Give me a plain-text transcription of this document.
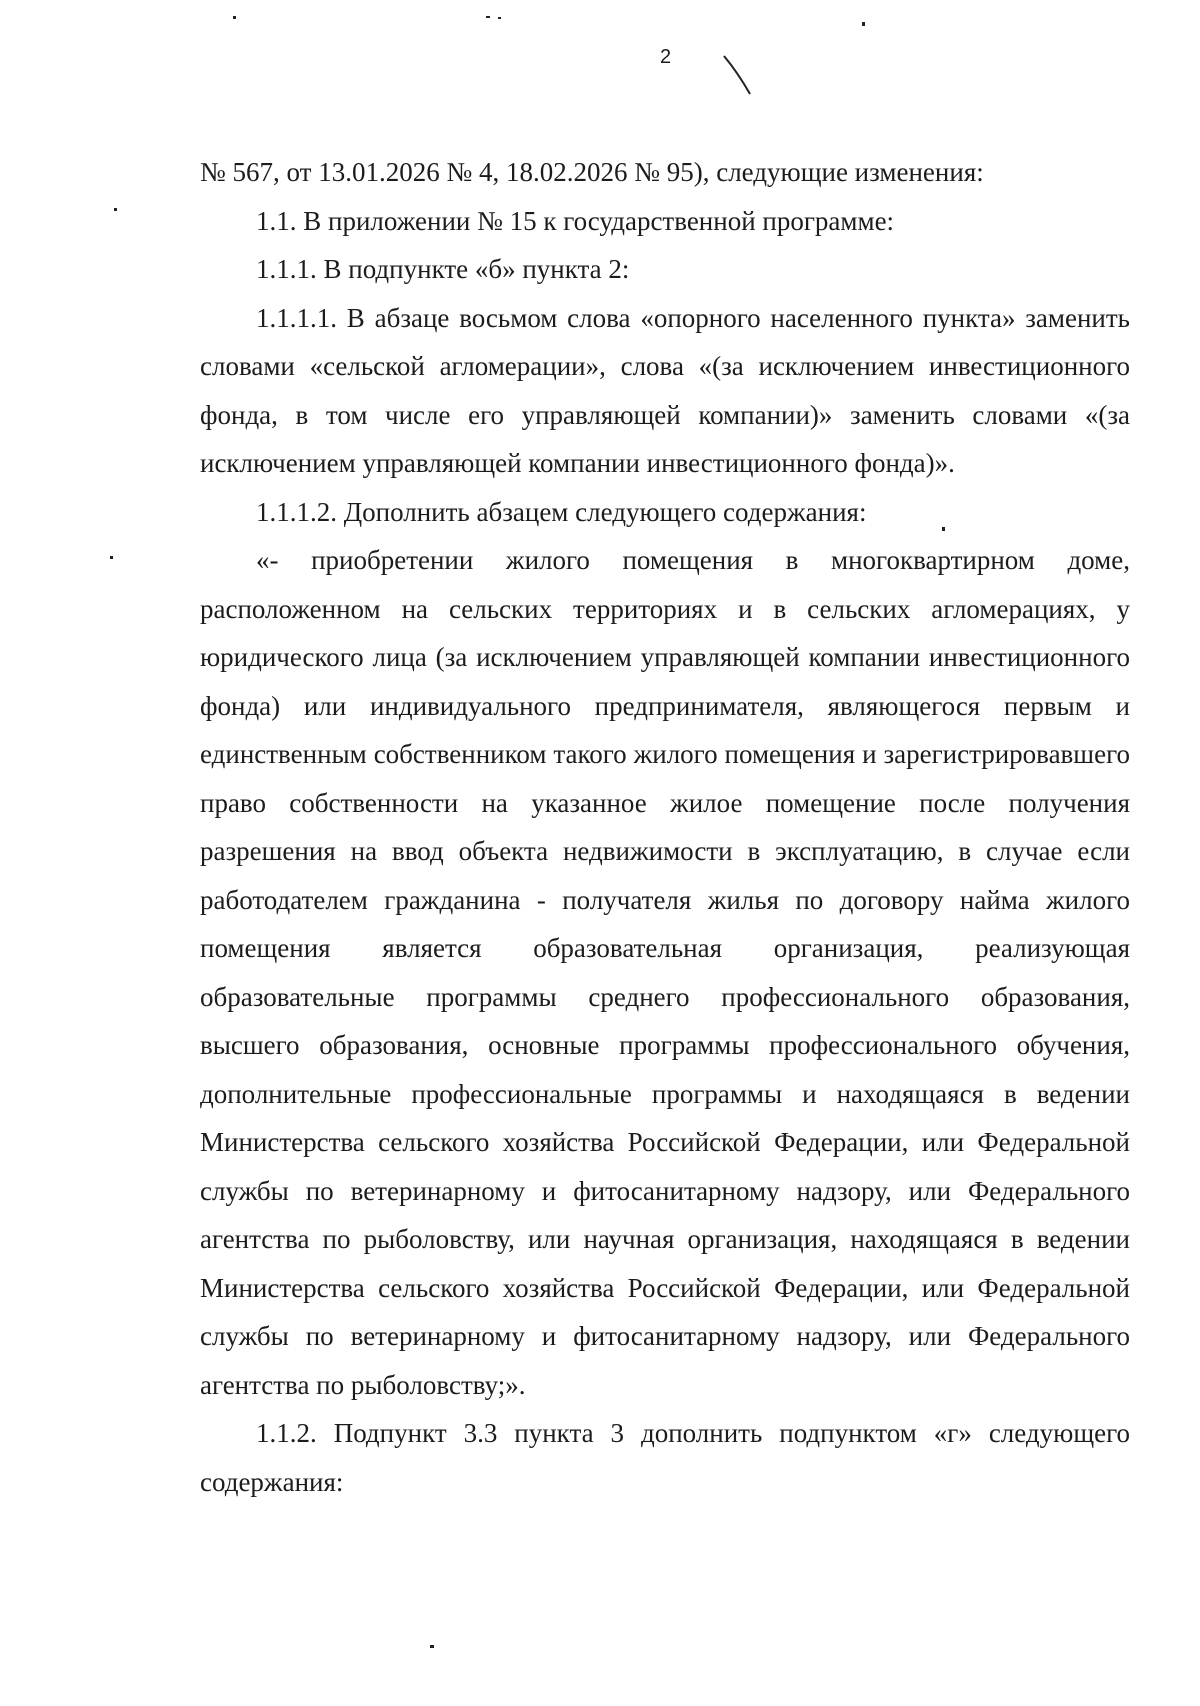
2

№ 567, от 13.01.2026 № 4, 18.02.2026 № 95), следующие изменения:

1.1. В приложении № 15 к государственной программе:

1.1.1. В подпункте «б» пункта 2:

1.1.1.1. В абзаце восьмом слова «опорного населенного пункта» заменить словами «сельской агломерации», слова «(за исключением инвестиционного фонда, в том числе его управляющей компании)» заменить словами «(за исключением управляющей компании инвестиционного фонда)».

1.1.1.2. Дополнить абзацем следующего содержания:

«- приобретении жилого помещения в многоквартирном доме, расположенном на сельских территориях и в сельских агломерациях, у юридического лица (за исключением управляющей компании инвестиционного фонда) или индивидуального предпринимателя, являющегося первым и единственным собственником такого жилого помещения и зарегистрировавшего право собственности на указанное жилое помещение после получения разрешения на ввод объекта недвижимости в эксплуатацию, в случае если работодателем гражданина - получателя жилья по договору найма жилого помещения является образовательная организация, реализующая образовательные программы среднего профессионального образования, высшего образования, основные программы профессионального обучения, дополнительные профессиональные программы и находящаяся в ведении Министерства сельского хозяйства Российской Федерации, или Федеральной службы по ветеринарному и фитосанитарному надзору, или Федерального агентства по рыболовству, или научная организация, находящаяся в ведении Министерства сельского хозяйства Российской Федерации, или Федеральной службы по ветеринарному и фитосанитарному надзору, или Федерального агентства по рыболовству;».

1.1.2. Подпункт 3.3 пункта 3 дополнить подпунктом «г» следующего содержания:
